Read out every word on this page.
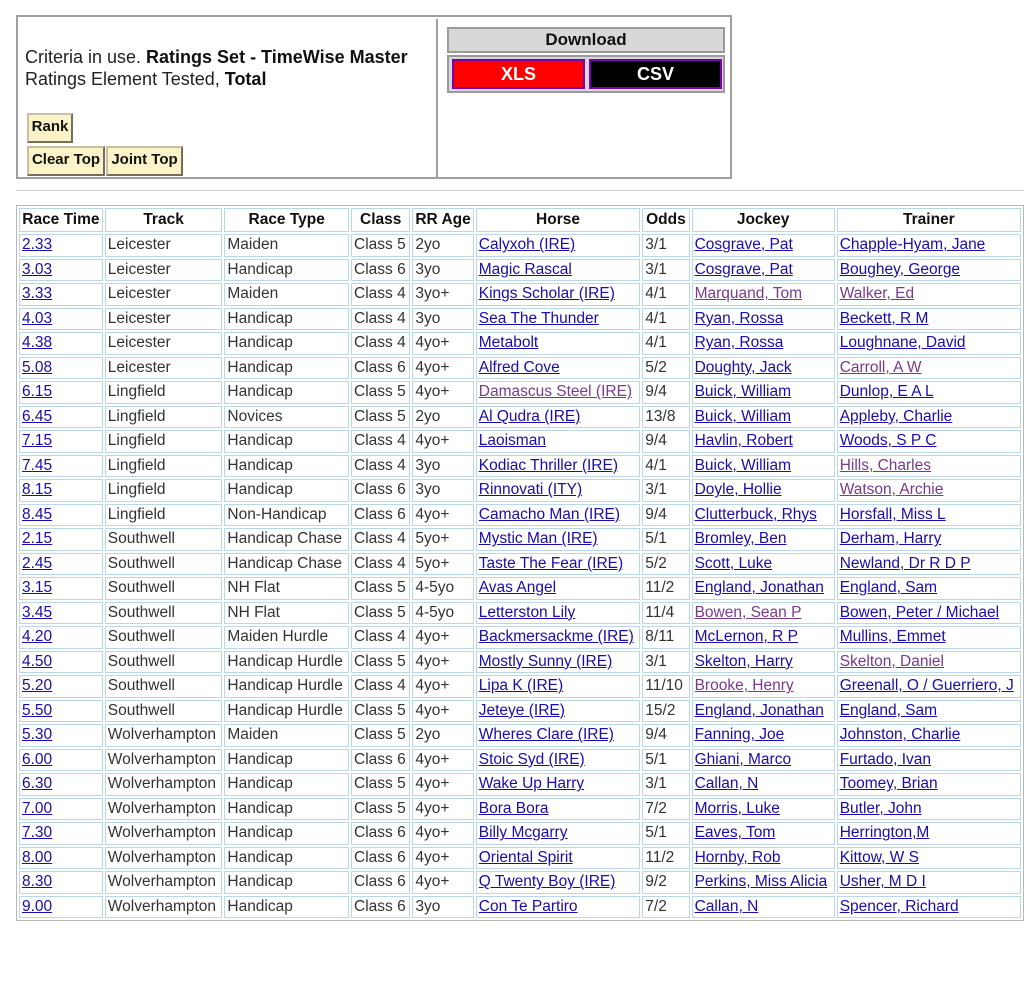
Criteria in use. Ratings Set - TimeWise Master
Ratings Element Tested, Total
Rank
Clear Top Joint Top
Download
XLS	CSV
Race Time	Track	Race Type	Class	RR Age	Horse	Odds	Jockey	Trainer
2.33	Leicester	Maiden	Class 5	2yo	Calyxoh (IRE)	3/1	Cosgrave, Pat	Chapple-Hyam, Jane
3.03	Leicester	Handicap	Class 6	3yo	Magic Rascal	3/1	Cosgrave, Pat	Boughey, George
3.33	Leicester	Maiden	Class 4	3yo+	Kings Scholar (IRE)	4/1	Marquand, Tom	Walker, Ed
4.03	Leicester	Handicap	Class 4	3yo	Sea The Thunder	4/1	Ryan, Rossa	Beckett, R M
4.38	Leicester	Handicap	Class 4	4yo+	Metabolt	4/1	Ryan, Rossa	Loughnane, David
5.08	Leicester	Handicap	Class 6	4yo+	Alfred Cove	5/2	Doughty, Jack	Carroll, A W
6.15	Lingfield	Handicap	Class 5	4yo+	Damascus Steel (IRE)	9/4	Buick, William	Dunlop, E A L
6.45	Lingfield	Novices	Class 5	2yo	Al Qudra (IRE)	13/8	Buick, William	Appleby, Charlie
7.15	Lingfield	Handicap	Class 4	4yo+	Laoisman	9/4	Havlin, Robert	Woods, S P C
7.45	Lingfield	Handicap	Class 4	3yo	Kodiac Thriller (IRE)	4/1	Buick, William	Hills, Charles
8.15	Lingfield	Handicap	Class 6	3yo	Rinnovati (ITY)	3/1	Doyle, Hollie	Watson, Archie
8.45	Lingfield	Non-Handicap	Class 6	4yo+	Camacho Man (IRE)	9/4	Clutterbuck, Rhys	Horsfall, Miss L
2.15	Southwell	Handicap Chase	Class 4	5yo+	Mystic Man (IRE)	5/1	Bromley, Ben	Derham, Harry
2.45	Southwell	Handicap Chase	Class 4	5yo+	Taste The Fear (IRE)	5/2	Scott, Luke	Newland, Dr R D P
3.15	Southwell	NH Flat	Class 5	4-5yo	Avas Angel	11/2	England, Jonathan	England, Sam
3.45	Southwell	NH Flat	Class 5	4-5yo	Letterston Lily	11/4	Bowen, Sean P	Bowen, Peter / Michael
4.20	Southwell	Maiden Hurdle	Class 4	4yo+	Backmersackme (IRE)	8/11	McLernon, R P	Mullins, Emmet
4.50	Southwell	Handicap Hurdle	Class 5	4yo+	Mostly Sunny (IRE)	3/1	Skelton, Harry	Skelton, Daniel
5.20	Southwell	Handicap Hurdle	Class 4	4yo+	Lipa K (IRE)	11/10	Brooke, Henry	Greenall, O / Guerriero, J
5.50	Southwell	Handicap Hurdle	Class 5	4yo+	Jeteye (IRE)	15/2	England, Jonathan	England, Sam
5.30	Wolverhampton	Maiden	Class 5	2yo	Wheres Clare (IRE)	9/4	Fanning, Joe	Johnston, Charlie
6.00	Wolverhampton	Handicap	Class 6	4yo+	Stoic Syd (IRE)	5/1	Ghiani, Marco	Furtado, Ivan
6.30	Wolverhampton	Handicap	Class 5	4yo+	Wake Up Harry	3/1	Callan, N	Toomey, Brian
7.00	Wolverhampton	Handicap	Class 5	4yo+	Bora Bora	7/2	Morris, Luke	Butler, John
7.30	Wolverhampton	Handicap	Class 6	4yo+	Billy Mcgarry	5/1	Eaves, Tom	Herrington,M
8.00	Wolverhampton	Handicap	Class 6	4yo+	Oriental Spirit	11/2	Hornby, Rob	Kittow, W S
8.30	Wolverhampton	Handicap	Class 6	4yo+	Q Twenty Boy (IRE)	9/2	Perkins, Miss Alicia	Usher, M D I
9.00	Wolverhampton	Handicap	Class 6	3yo	Con Te Partiro	7/2	Callan, N	Spencer, Richard
